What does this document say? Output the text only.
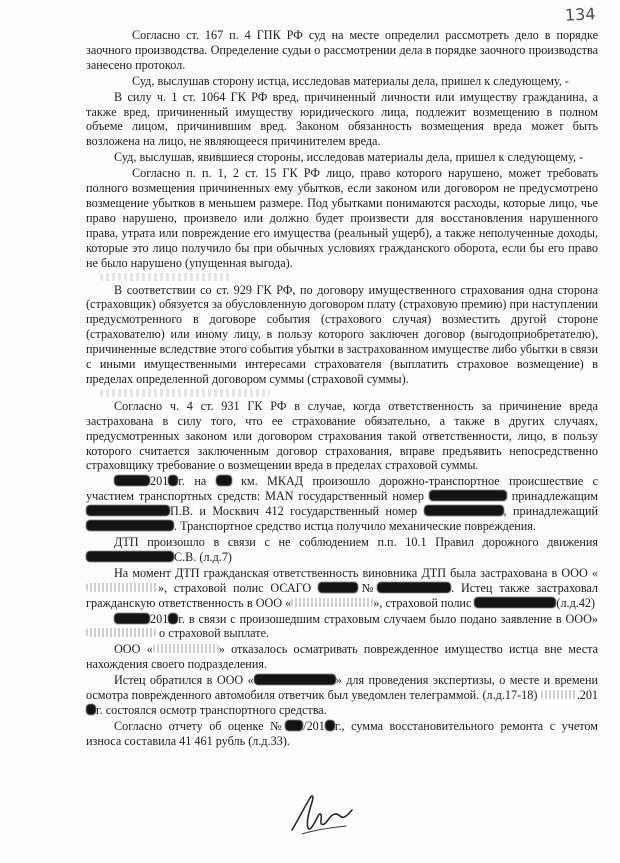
134

Согласно ст. 167 п. 4 ГПК РФ суд на месте определил рассмотреть дело в порядке заочного производства. Определение судьи о рассмотрении дела в порядке заочного производства занесено протокол.

Суд, выслушав сторону истца, исследовав материалы дела, пришел к следующему, -

В силу ч. 1 ст. 1064 ГК РФ вред, причиненный личности или имуществу гражданина, а также вред, причиненный имуществу юридического лица, подлежит возмещению в полном объеме лицом, причинившим вред. Законом обязанность возмещения вреда может быть возложена на лицо, не являющееся причинителем вреда.

Суд, выслушав, явившиеся стороны, исследовав материалы дела, пришел к следующему, -

Согласно п. п. 1, 2 ст. 15 ГК РФ лицо, право которого нарушено, может требовать полного возмещения причиненных ему убытков, если законом или договором не предусмотрено возмещение убытков в меньшем размере. Под убытками понимаются расходы, которые лицо, чье право нарушено, произвело или должно будет произвести для восстановления нарушенного права, утрата или повреждение его имущества (реальный ущерб), а также неполученные доходы, которые это лицо получило бы при обычных условиях гражданского оборота, если бы его право не было нарушено (упущенная выгода).

В соответствии со ст. 929 ГК РФ, по договору имущественного страхования одна сторона (страховщик) обязуется за обусловленную договором плату (страховую премию) при наступлении предусмотренного в договоре события (страхового случая) возместить другой стороне (страхователю) или иному лицу, в пользу которого заключен договор (выгодоприобретателю), причиненные вследствие этого события убытки в застрахованном имуществе либо убытки в связи с иными имущественными интересами страхователя (выплатить страховое возмещение) в пределах определенной договором суммы (страховой суммы).

Согласно ч. 4 ст. 931 ГК РФ в случае, когда ответственность за причинение вреда застрахована в силу того, что ее страхование обязательно, а также в других случаях, предусмотренных законом или договором страхования такой ответственности, лицо, в пользу которого считается заключенным договор страхования, вправе предъявить непосредственно страховщику требование о возмещении вреда в пределах страховой суммы.

201 г. на	км. МКАД произошло дорожно-транспортное происшествие с участием транспортных средств: MAN государственный номер	принадлежащим П.В. и Москвич 412 государственный номер	, принадлежащий . Транспортное средство истца получило механические повреждения.

ДТП произошло в связи с не соблюдением п.п. 10.1 Правил дорожного движения С.В. (л.д.7)

На момент ДТП гражданская ответственность виновника ДТП была застрахована в ООО «», страховой полис ОСАГО	№	. Истец также застраховал гражданскую ответственность в ООО «	», страховой полис	(л.д.42)

201 г. в связи с произошедшим страховым случаем было подано заявление в ООО» о страховой выплате.

ООО «	» отказалось осматривать поврежденное имущество истца вне места нахождения своего подразделения.

Истец обратился в ООО «	» для проведения экспертизы, о месте и времени осмотра поврежденного автомобиля ответчик был уведомлен телеграммой. (л.д.17-18)	.201г. состоялся осмотр транспортного средства.

Согласно отчету об оценке № /201 г., сумма восстановительного ремонта с учетом износа составила 41 461 рубль (л.д.33).
